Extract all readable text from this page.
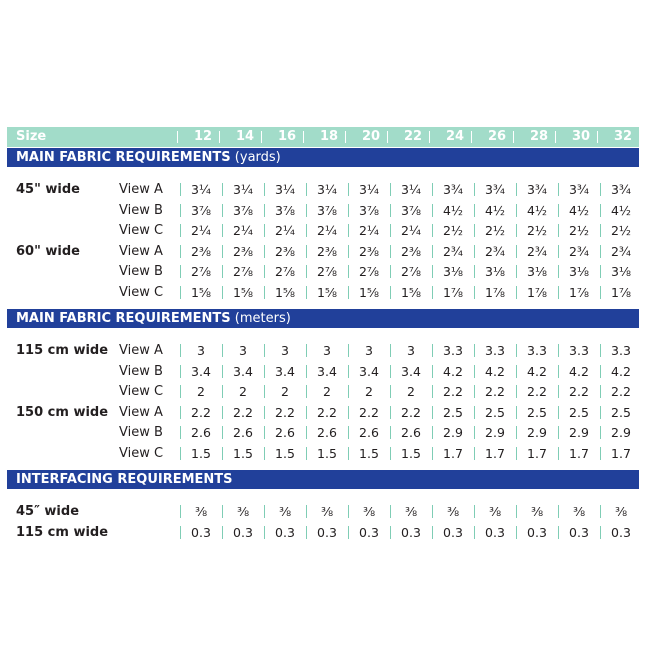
Size	12 14 16 18 20 22 24 26 28 30 32
MAIN FABRIC REQUIREMENTS (yards)
45" wide	View A	3¼	3¼	3¼	3¼	3¼	3¼	3¾	3¾	3¾	3¾	3¾
View B	3⅞	3⅞	3⅞	3⅞	3⅞	3⅞	4½	4½	4½	4½	4½
View C	2¼	2¼	2¼	2¼	2¼	2¼	2½	2½	2½	2½	2½
60" wide	View A	2⅜	2⅜	2⅜	2⅜	2⅜	2⅜	2¾	2¾	2¾	2¾	2¾
View B	2⅞	2⅞	2⅞	2⅞	2⅞	2⅞	3⅛	3⅛	3⅛	3⅛	3⅛
View C	1⅝	1⅝	1⅝	1⅝	1⅝	1⅝	1⅞	1⅞	1⅞	1⅞	1⅞
MAIN FABRIC REQUIREMENTS (meters)
115 cm wide View A	3	3	3	3	3	3	3.3	3.3	3.3	3.3	3.3
View B	3.4	3.4	3.4	3.4	3.4	3.4	4.2	4.2	4.2	4.2	4.2
View C	2	2	2	2	2	2	2.2	2.2	2.2	2.2	2.2
150 cm wide View A	2.2	2.2	2.2	2.2	2.2	2.2	2.5	2.5	2.5	2.5	2.5
View B	2.6	2.6	2.6	2.6	2.6	2.6	2.9	2.9	2.9	2.9	2.9
View C	1.5	1.5	1.5	1.5	1.5	1.5	1.7	1.7	1.7	1.7	1.7
INTERFACING REQUIREMENTS
45″ wide	⅜	⅜	⅜	⅜	⅜	⅜	⅜	⅜	⅜	⅜	⅜
115 cm wide	0.3	0.3	0.3	0.3	0.3	0.3	0.3	0.3	0.3	0.3	0.3
